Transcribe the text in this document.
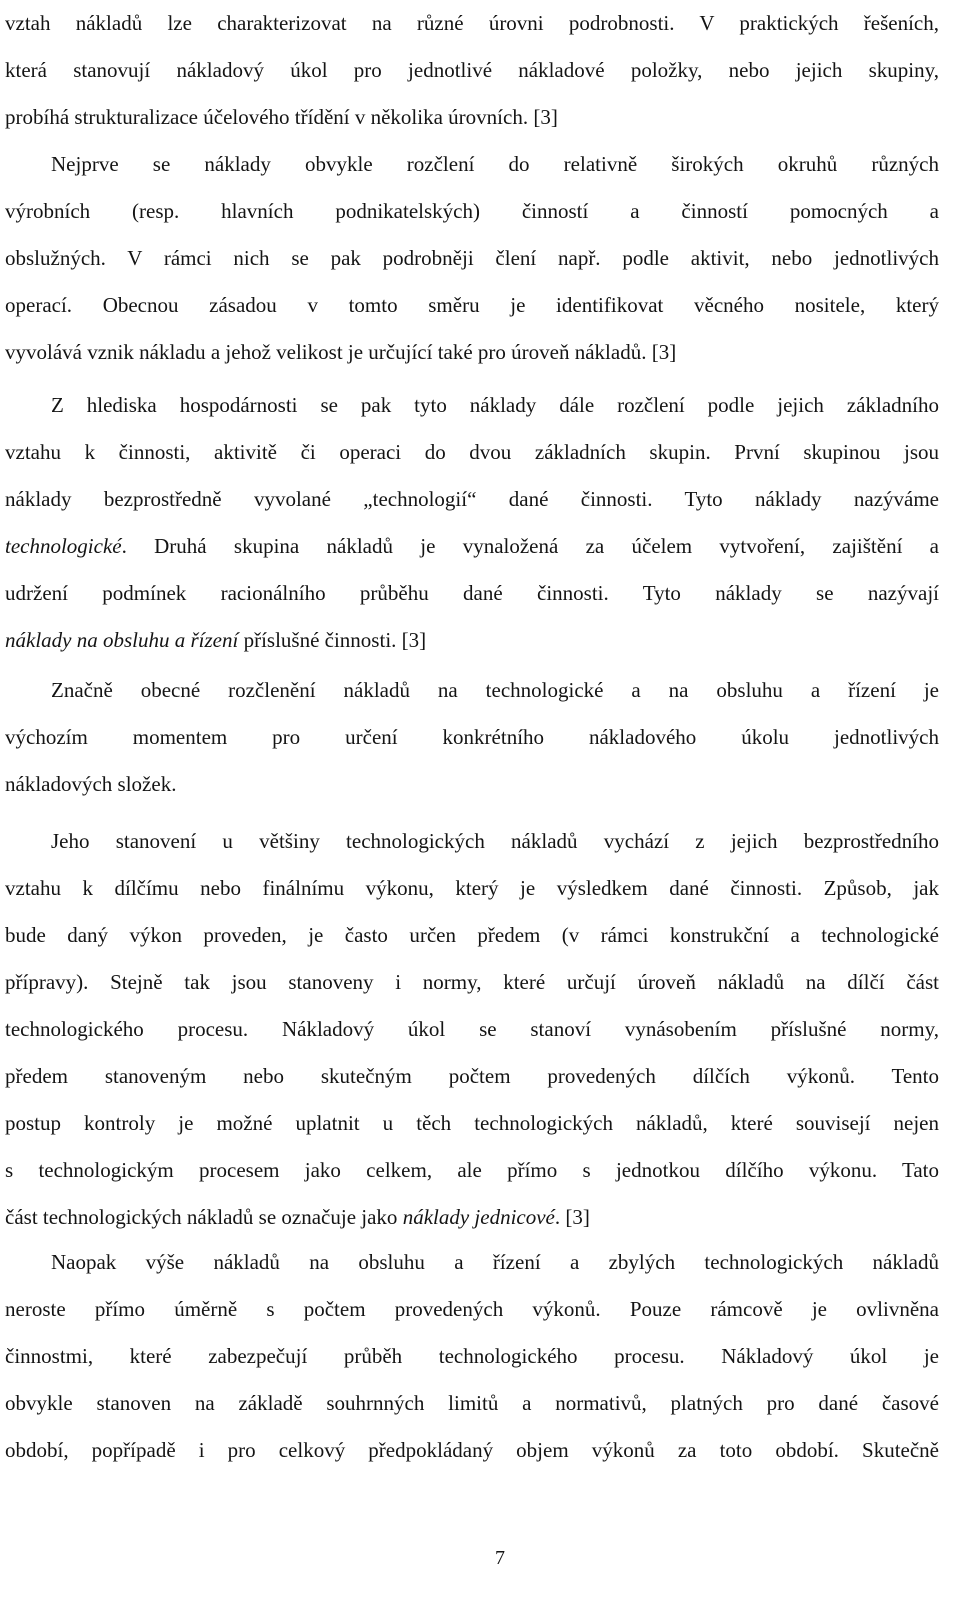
vztah nákladů lze charakterizovat na různé úrovni podrobnosti. V praktických řešeních,
která stanovují nákladový úkol pro jednotlivé nákladové položky, nebo jejich skupiny,
probíhá strukturalizace účelového třídění v několika úrovních. [3]

Nejprve se náklady obvykle rozčlení do relativně širokých okruhů různých
výrobních (resp. hlavních podnikatelských) činností a činností pomocných a
obslužných. V rámci nich se pak podrobněji člení např. podle aktivit, nebo jednotlivých
operací. Obecnou zásadou v tomto směru je identifikovat věcného nositele, který
vyvolává vznik nákladu a jehož velikost je určující také pro úroveň nákladů. [3]

Z hlediska hospodárnosti se pak tyto náklady dále rozčlení podle jejich základního
vztahu k činnosti, aktivitě či operaci do dvou základních skupin. První skupinou jsou
náklady bezprostředně vyvolané „technologií“ dané činnosti. Tyto náklady nazýváme
technologické. Druhá skupina nákladů je vynaložená za účelem vytvoření, zajištění a
udržení podmínek racionálního průběhu dané činnosti. Tyto náklady se nazývají
náklady na obsluhu a řízení příslušné činnosti. [3]

Značně obecné rozčlenění nákladů na technologické a na obsluhu a řízení je
výchozím momentem pro určení konkrétního nákladového úkolu jednotlivých
nákladových složek.

Jeho stanovení u většiny technologických nákladů vychází z jejich bezprostředního
vztahu k dílčímu nebo finálnímu výkonu, který je výsledkem dané činnosti. Způsob, jak
bude daný výkon proveden, je často určen předem (v rámci konstrukční a technologické
přípravy). Stejně tak jsou stanoveny i normy, které určují úroveň nákladů na dílčí část
technologického procesu. Nákladový úkol se stanoví vynásobením příslušné normy,
předem stanoveným nebo skutečným počtem provedených dílčích výkonů. Tento
postup kontroly je možné uplatnit u těch technologických nákladů, které souvisejí nejen
s technologickým procesem jako celkem, ale přímo s jednotkou dílčího výkonu. Tato
část technologických nákladů se označuje jako náklady jednicové. [3]

Naopak výše nákladů na obsluhu a řízení a zbylých technologických nákladů
neroste přímo úměrně s počtem provedených výkonů. Pouze rámcově je ovlivněna
činnostmi, které zabezpečují průběh technologického procesu. Nákladový úkol je
obvykle stanoven na základě souhrnných limitů a normativů, platných pro dané časové
období, popřípadě i pro celkový předpokládaný objem výkonů za toto období. Skutečně

7
